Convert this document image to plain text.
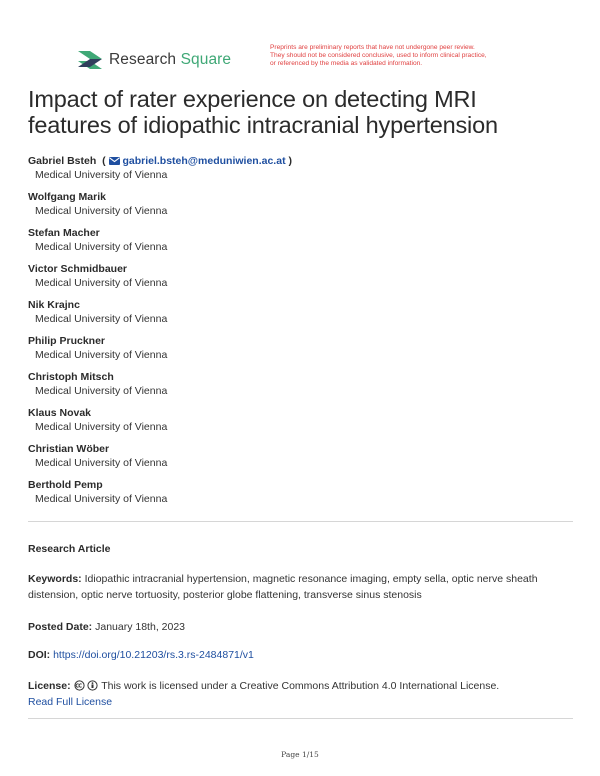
Research Square
Preprints are preliminary reports that have not undergone peer review.
They should not be considered conclusive, used to inform clinical practice,
or referenced by the media as validated information.
Impact of rater experience on detecting MRI
features of idiopathic intracranial hypertension
Gabriel Bsteh  (  gabriel.bsteh@meduniwien.ac.at )
Medical University of Vienna
Wolfgang Marik
Medical University of Vienna
Stefan Macher
Medical University of Vienna
Victor Schmidbauer
Medical University of Vienna
Nik Krajnc
Medical University of Vienna
Philip Pruckner
Medical University of Vienna
Christoph Mitsch
Medical University of Vienna
Klaus Novak
Medical University of Vienna
Christian Wöber
Medical University of Vienna
Berthold Pemp
Medical University of Vienna
Research Article
Keywords: Idiopathic intracranial hypertension, magnetic resonance imaging, empty sella, optic nerve sheath distension, optic nerve tortuosity, posterior globe flattening, transverse sinus stenosis
Posted Date: January 18th, 2023
DOI: https://doi.org/10.21203/rs.3.rs-2484871/v1
License:	This work is licensed under a Creative Commons Attribution 4.0 International License.
Read Full License
Page 1/15
